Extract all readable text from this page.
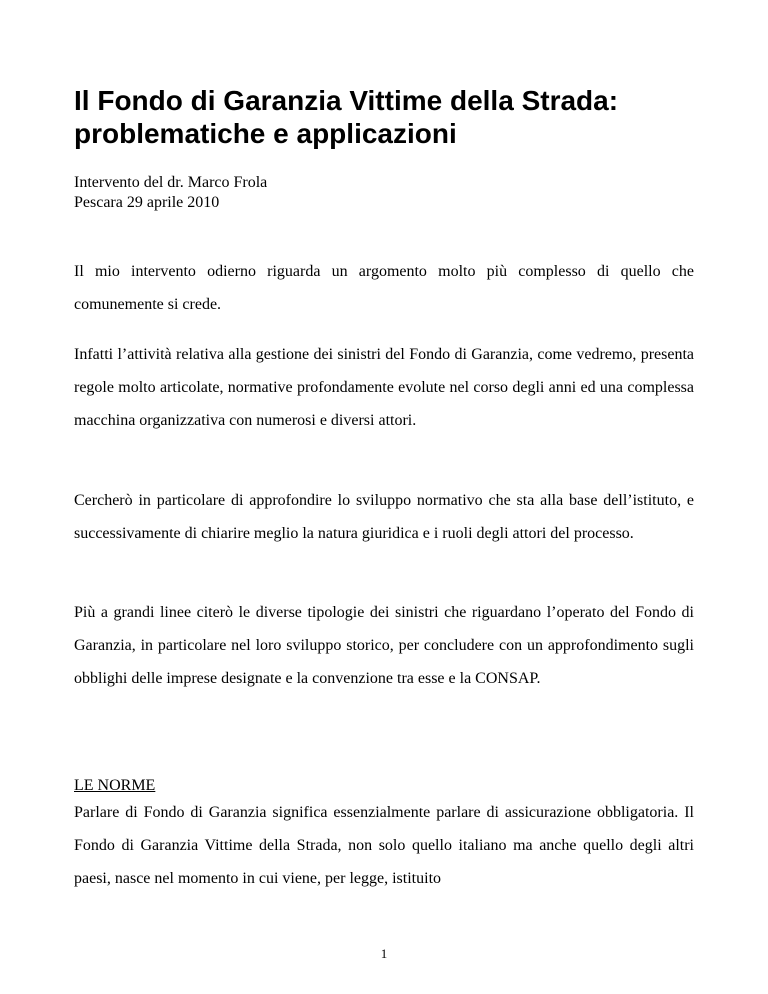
Il Fondo di Garanzia Vittime della Strada: problematiche e applicazioni
Intervento del dr. Marco Frola
Pescara 29 aprile 2010

Il mio intervento odierno riguarda un argomento molto più complesso di quello che comunemente si crede.

Infatti l’attività relativa alla gestione dei sinistri del Fondo di Garanzia, come vedremo, presenta regole molto articolate, normative profondamente evolute nel corso degli anni ed una complessa macchina organizzativa con numerosi e diversi attori.

Cercherò in particolare di approfondire lo sviluppo normativo che sta alla base dell’istituto, e successivamente di chiarire meglio la natura giuridica e i ruoli degli attori del processo.

Più a grandi linee citerò le diverse tipologie dei sinistri che riguardano l’operato del Fondo di Garanzia, in particolare nel loro sviluppo storico, per concludere con un approfondimento sugli obblighi delle imprese designate e la convenzione tra esse e la CONSAP.

LE NORME

Parlare di Fondo di Garanzia significa essenzialmente parlare di assicurazione obbligatoria. Il Fondo di Garanzia Vittime della Strada, non solo quello italiano ma anche quello degli altri paesi, nasce nel momento in cui viene, per legge, istituito

1
